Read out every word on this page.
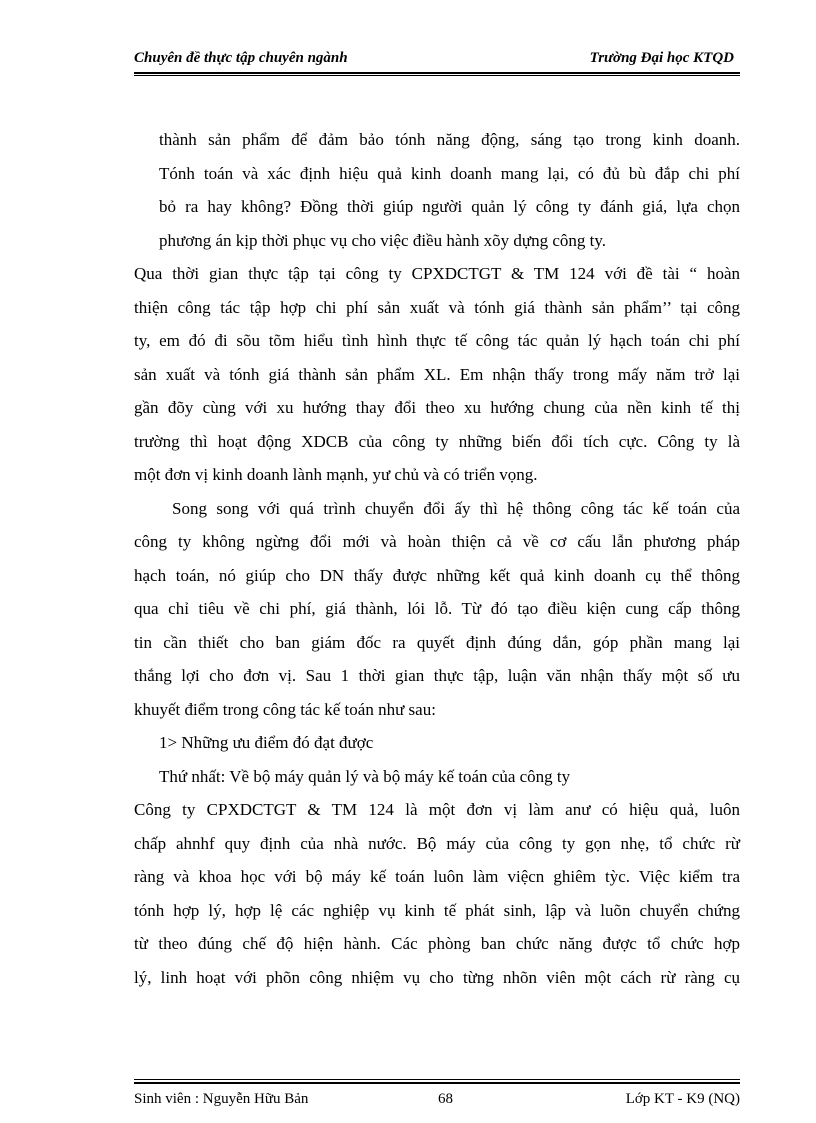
Chuyên đề thực tập chuyên ngành	Trường Đại học KTQD
thành sản phẩm để đảm bảo tónh năng động, sáng tạo trong kinh doanh.
Tónh toán và xác định hiệu quả kinh doanh mang lại, có đủ bù đắp chi phí
bỏ ra hay không? Đồng thời giúp người quản lý công ty đánh giá, lựa chọn
phương án kịp thời phục vụ cho việc điều hành xõy dựng công ty.
Qua thời gian thực tập tại công ty CPXDCTGT & TM 124 với đề tài “ hoàn
thiện công tác tập hợp chi phí sản xuất và tónh giá thành sản phẩm’’ tại công
ty, em đó đi sõu tõm hiểu tình hình thực tế công tác quản lý hạch toán chi phí
sản xuất và tónh giá thành sản phẩm XL. Em nhận thấy trong mấy năm trở lại
gần đõy cùng với xu hướng thay đổi theo xu hướng chung của nền kinh tế thị
trường thì hoạt động XDCB của công ty những biến đổi tích cực. Công ty là
một đơn vị kinh doanh lành mạnh, yư chủ và có triển vọng.
Song song với quá trình chuyển đổi ấy thì hệ thông công tác kế toán của
công ty không ngừng đổi mới và hoàn thiện cả về cơ cấu lẫn phương pháp
hạch toán, nó giúp cho DN thấy được những kết quả kinh doanh cụ thể thông
qua chỉ tiêu về chi phí, giá thành, lói lỗ. Từ đó tạo điều kiện cung cấp thông
tin cần thiết cho ban giám đốc ra quyết định đúng dắn, góp phần mang lại
thắng lợi cho đơn vị. Sau 1 thời gian thực tập, luận văn nhận thấy một số ưu
khuyết điểm trong công tác kế toán như sau:
1> Những ưu điểm đó đạt được
Thứ nhất: Về bộ máy quản lý và bộ máy kế toán của công ty
Công ty CPXDCTGT & TM 124 là một đơn vị làm anư có hiệu quả, luôn
chấp ahnhf quy định của nhà nước. Bộ máy của công ty gọn nhẹ, tổ chức rừ
ràng và khoa học với bộ máy kế toán luôn làm việcn ghiêm tỳc. Việc kiểm tra
tónh hợp lý, hợp lệ các nghiệp vụ kinh tế phát sinh, lập và luõn chuyển chứng
từ theo đúng chế độ hiện hành. Các phòng ban chức năng được tổ chức hợp
lý, linh hoạt với phõn công nhiệm vụ cho từng nhõn viên một cách rừ ràng cụ
Sinh viên : Nguyễn Hữu Bản	68	Lớp KT - K9 (NQ)
